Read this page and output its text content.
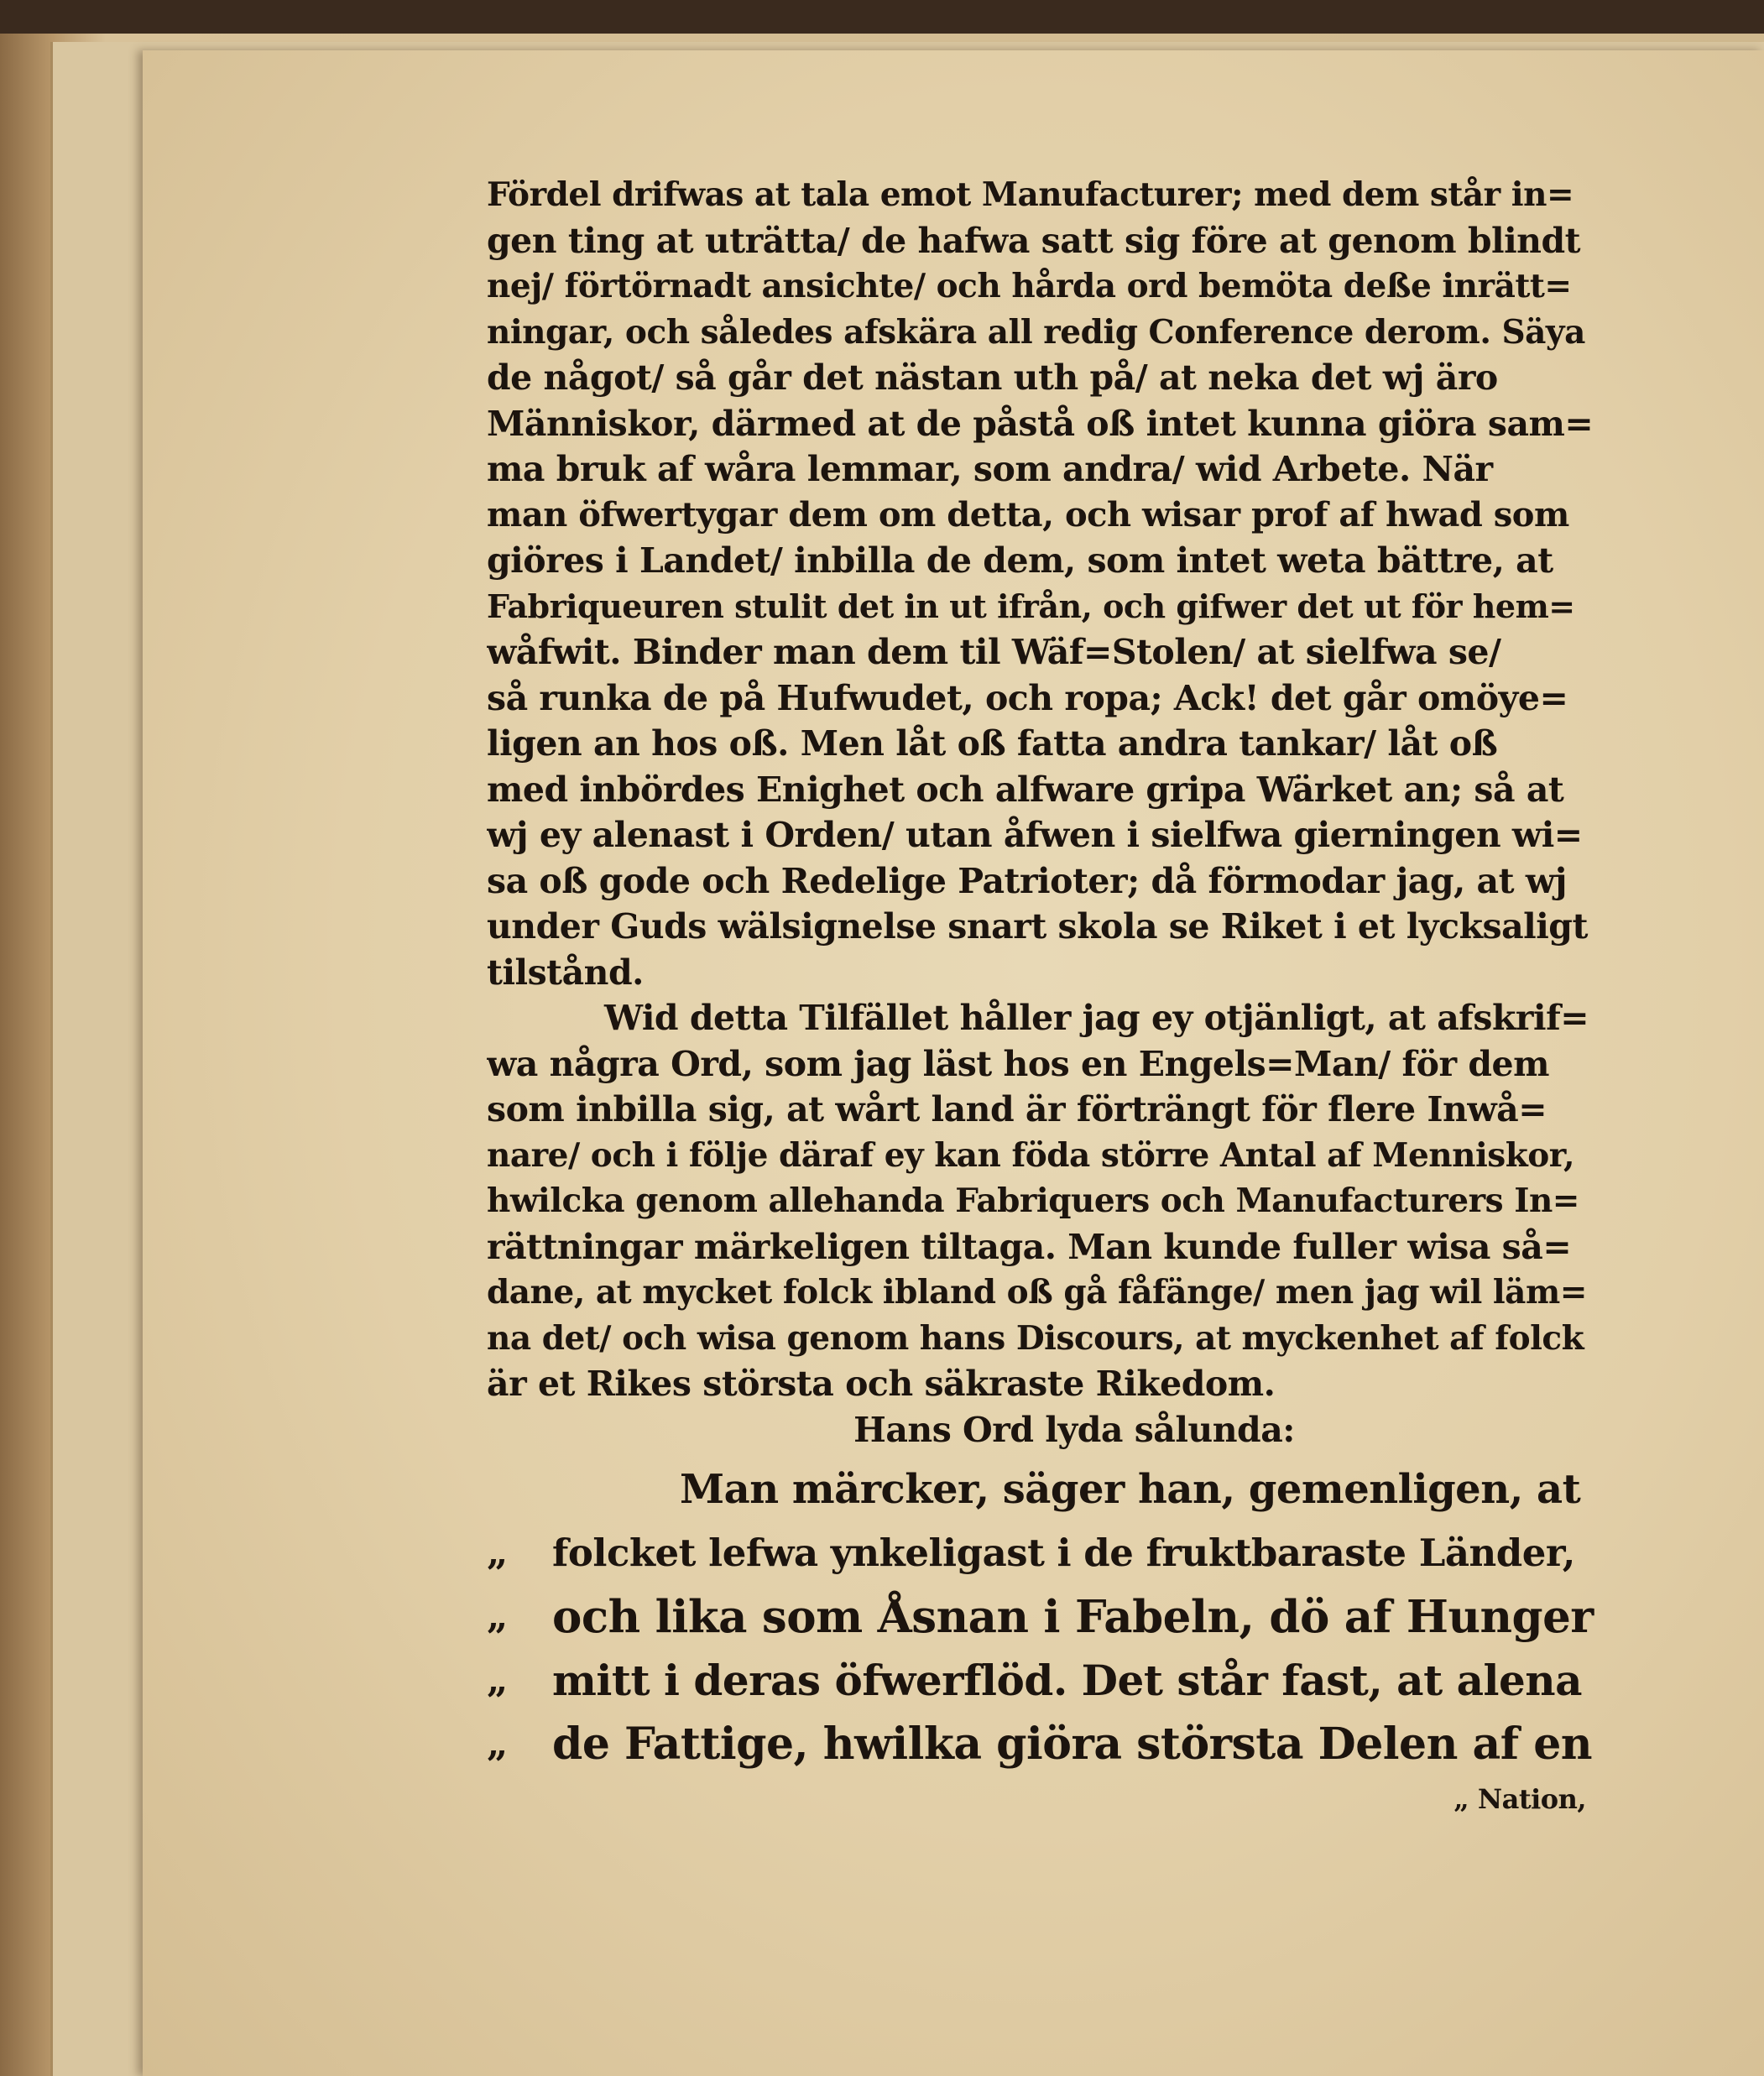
Fördel drifwas at tala emot Manufacturer; med dem står in=
gen ting at uträtta/ de hafwa satt sig före at genom blindt
nej/ förtörnadt ansichte/ och hårda ord bemöta deße inrätt=
ningar, och således afskära all redig Conference derom. Säya
de något/ så går det nästan uth på/ at neka det wj äro
Människor, därmed at de påstå oß intet kunna giöra sam=
ma bruk af wåra lemmar, som andra/ wid Arbete. När
man öfwertygar dem om detta, och wisar prof af hwad som
giöres i Landet/ inbilla de dem, som intet weta bättre, at
Fabriqueuren stulit det in ut ifrån, och gifwer det ut för hem=
wåfwit. Binder man dem til Wäf=Stolen/ at sielfwa se/
så runka de på Hufwudet, och ropa; Ack! det går omöye=
ligen an hos oß. Men låt oß fatta andra tankar/ låt oß
med inbördes Enighet och alfware gripa Wärket an; så at
wj ey alenast i Orden/ utan åfwen i sielfwa gierningen wi=
sa oß gode och Redelige Patrioter; då förmodar jag, at wj
under Guds wälsignelse snart skola se Riket i et lycksaligt
tilstånd.
Wid detta Tilfället håller jag ey otjänligt, at afskrif=
wa några Ord, som jag läst hos en Engels=Man/ för dem
som inbilla sig, at wårt land är förträngt för flere Inwå=
nare/ och i följe däraf ey kan föda större Antal af Menniskor,
hwilcka genom allehanda Fabriquers och Manufacturers In=
rättningar märkeligen tiltaga. Man kunde fuller wisa så=
dane, at mycket folck ibland oß gå fåfänge/ men jag wil läm=
na det/ och wisa genom hans Discours, at myckenhet af folck
är et Rikes största och säkraste Rikedom.
Hans Ord lyda sålunda:
Man märcker, säger han, gemenligen, at
„	folcket lefwa ynkeligast i de fruktbaraste Länder,
„	och lika som Åsnan i Fabeln, dö af Hunger
„	mitt i deras öfwerflöd. Det står fast, at alena
„	de Fattige, hwilka giöra största Delen af en
„ Nation,
